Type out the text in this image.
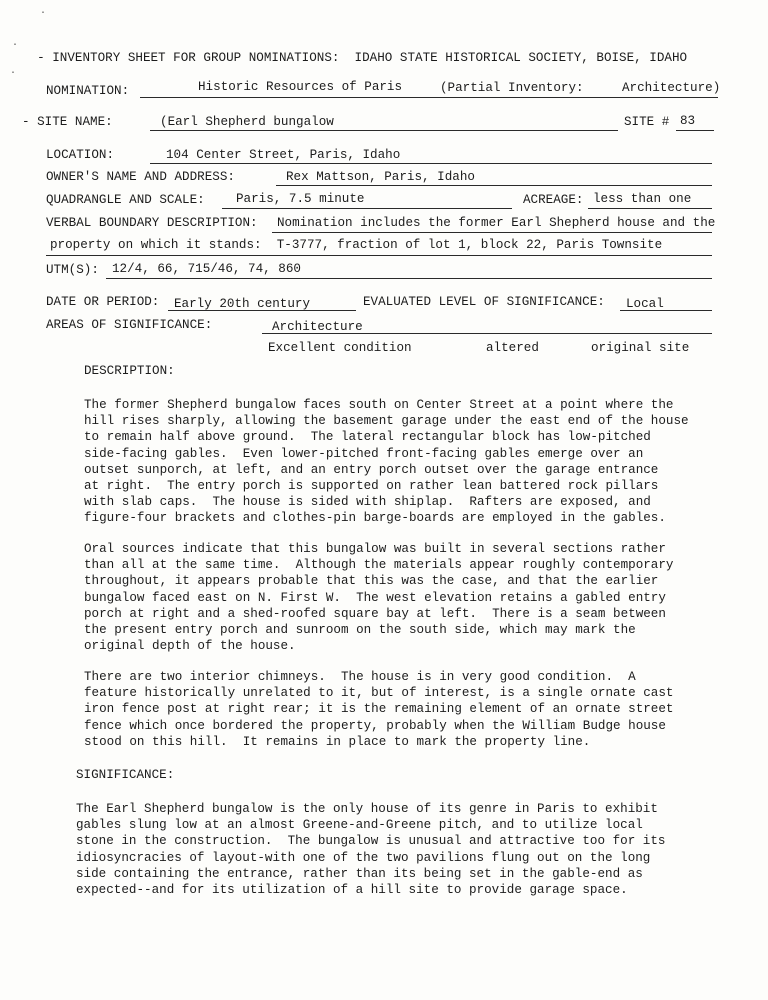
·
·
·

- INVENTORY SHEET FOR GROUP NOMINATIONS:  IDAHO STATE HISTORICAL SOCIETY, BOISE, IDAHO

NOMINATION:	Historic Resources of Paris	(Partial Inventory:	Architecture)
- SITE NAME:	(Earl Shepherd bungalow	SITE # 83
LOCATION:	104 Center Street, Paris, Idaho
OWNER'S NAME AND ADDRESS:	Rex Mattson, Paris, Idaho
QUADRANGLE AND SCALE: Paris, 7.5 minute	ACREAGE: less than one
VERBAL BOUNDARY DESCRIPTION: Nomination includes the former Earl Shepherd house and the
property on which it stands:  T-3777, fraction of lot 1, block 22, Paris Townsite
UTM(S): 12/4, 66, 715/46, 74, 860
DATE OR PERIOD: Early 20th century	EVALUATED LEVEL OF SIGNIFICANCE: Local
AREAS OF SIGNIFICANCE:	Architecture
Excellent condition	altered	original site
DESCRIPTION:
The former Shepherd bungalow faces south on Center Street at a point where the
hill rises sharply, allowing the basement garage under the east end of the house
to remain half above ground.  The lateral rectangular block has low-pitched
side-facing gables.  Even lower-pitched front-facing gables emerge over an
outset sunporch, at left, and an entry porch outset over the garage entrance
at right.  The entry porch is supported on rather lean battered rock pillars
with slab caps.  The house is sided with shiplap.  Rafters are exposed, and
figure-four brackets and clothes-pin barge-boards are employed in the gables.
Oral sources indicate that this bungalow was built in several sections rather
than all at the same time.  Although the materials appear roughly contemporary
throughout, it appears probable that this was the case, and that the earlier
bungalow faced east on N. First W.  The west elevation retains a gabled entry
porch at right and a shed-roofed square bay at left.  There is a seam between
the present entry porch and sunroom on the south side, which may mark the
original depth of the house.
There are two interior chimneys.  The house is in very good condition.  A
feature historically unrelated to it, but of interest, is a single ornate cast
iron fence post at right rear; it is the remaining element of an ornate street
fence which once bordered the property, probably when the William Budge house
stood on this hill.  It remains in place to mark the property line.
SIGNIFICANCE:
The Earl Shepherd bungalow is the only house of its genre in Paris to exhibit
gables slung low at an almost Greene-and-Greene pitch, and to utilize local
stone in the construction.  The bungalow is unusual and attractive too for its
idiosyncracies of layout-with one of the two pavilions flung out on the long
side containing the entrance, rather than its being set in the gable-end as
expected--and for its utilization of a hill site to provide garage space.
